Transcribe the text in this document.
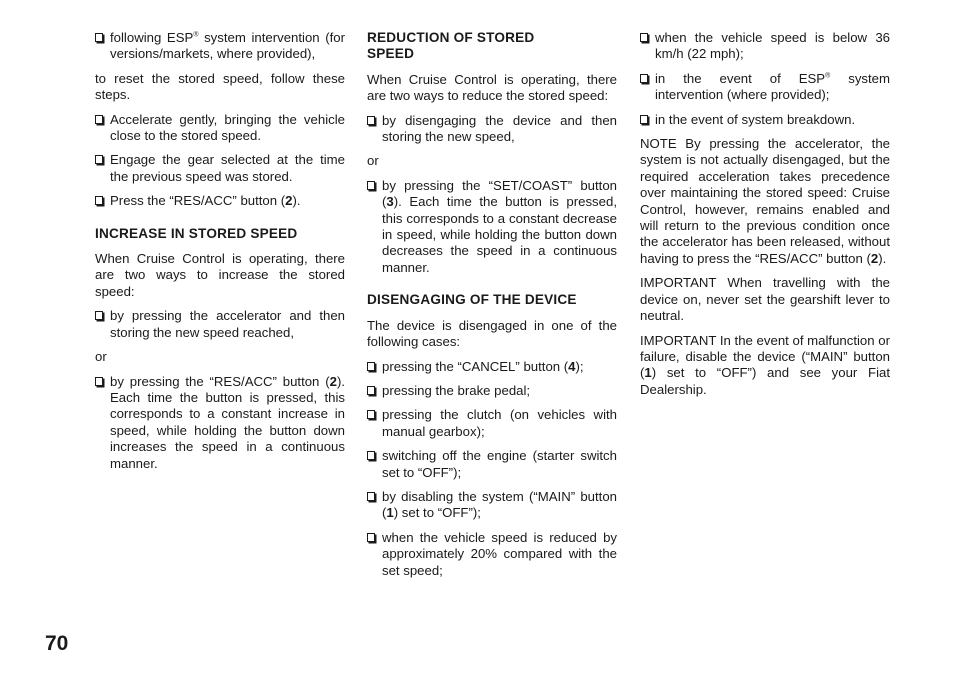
following ESP® system intervention (for versions/markets, where provided),

to reset the stored speed, follow these steps.

Accelerate gently, bringing the vehicle close to the stored speed.
Engage the gear selected at the time the previous speed was stored.
Press the “RES/ACC” button (2).
INCREASE IN STORED SPEED

When Cruise Control is operating, there are two ways to increase the stored speed:

by pressing the accelerator and then storing the new speed reached,

or

by pressing the “RES/ACC” button (2). Each time the button is pressed, this corresponds to a constant increase in speed, while holding the button down increases the speed in a continuous manner.
REDUCTION OF STORED
SPEED

When Cruise Control is operating, there are two ways to reduce the stored speed:

by disengaging the device and then storing the new speed,

or

by pressing the “SET/COAST” button (3). Each time the button is pressed, this corresponds to a constant decrease in speed, while holding the button down decreases the speed in a continuous manner.
DISENGAGING OF THE DEVICE

The device is disengaged in one of the following cases:

pressing the “CANCEL” button (4);
pressing the brake pedal;
pressing the clutch (on vehicles with manual gearbox);
switching off the engine (starter switch set to “OFF”);
by disabling the system (“MAIN” button (1) set to “OFF”);
when the vehicle speed is reduced by approximately 20% compared with the set speed;
when the vehicle speed is below 36 km/h (22 mph);
in the event of ESP® system intervention (where provided);
in the event of system breakdown.

NOTE By pressing the accelerator, the system is not actually disengaged, but the required acceleration takes precedence over maintaining the stored speed: Cruise Control, however, remains enabled and will return to the previous condition once the accelerator has been released, without having to press the “RES/ACC” button (2).

IMPORTANT When travelling with the device on, never set the gearshift lever to neutral.

IMPORTANT In the event of malfunction or failure, disable the device (“MAIN” button (1) set to “OFF”) and see your Fiat Dealership.

70
